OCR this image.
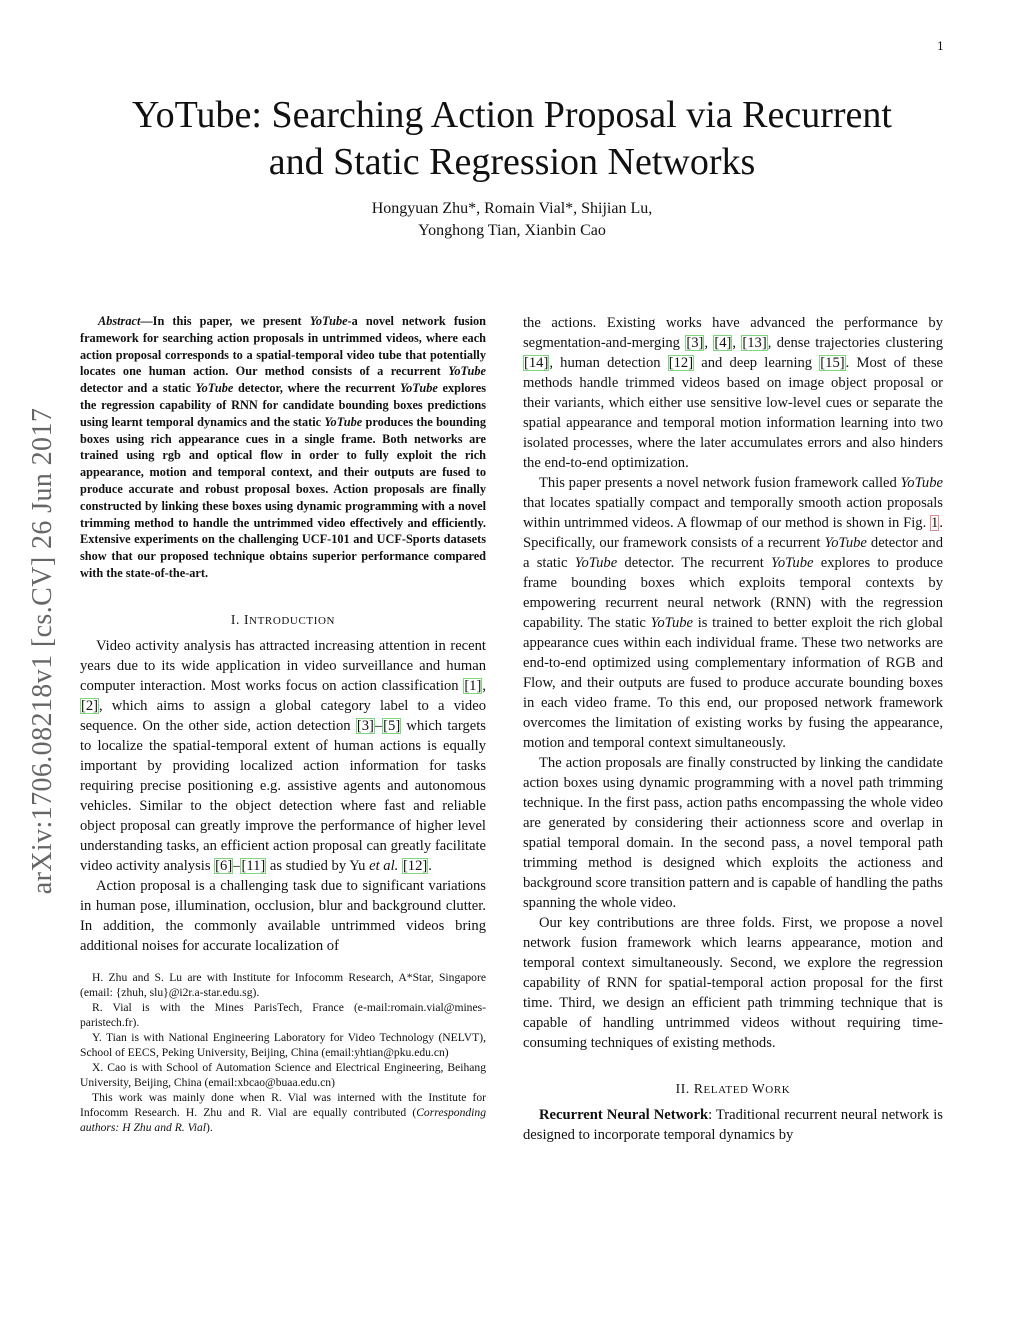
1
arXiv:1706.08218v1 [cs.CV] 26 Jun 2017
YoTube: Searching Action Proposal via Recurrent
and Static Regression Networks
Hongyuan Zhu*, Romain Vial*, Shijian Lu,
Yonghong Tian, Xianbin Cao

Abstract—In this paper, we present YoTube-a novel network fusion framework for searching action proposals in untrimmed videos, where each action proposal corresponds to a spatial-temporal video tube that potentially locates one human action. Our method consists of a recurrent YoTube detector and a static YoTube detector, where the recurrent YoTube explores the regression capability of RNN for candidate bounding boxes predictions using learnt temporal dynamics and the static YoTube produces the bounding boxes using rich appearance cues in a single frame. Both networks are trained using rgb and optical flow in order to fully exploit the rich appearance, motion and temporal context, and their outputs are fused to produce accurate and robust proposal boxes. Action proposals are finally constructed by linking these boxes using dynamic programming with a novel trimming method to handle the untrimmed video effectively and efficiently. Extensive experiments on the challenging UCF-101 and UCF-Sports datasets show that our proposed technique obtains superior performance compared with the state-of-the-art.

I. INTRODUCTION

Video activity analysis has attracted increasing attention in recent years due to its wide application in video surveillance and human computer interaction. Most works focus on action classification [1], [2], which aims to assign a global category label to a video sequence. On the other side, action detection [3]–[5] which targets to localize the spatial-temporal extent of human actions is equally important by providing localized action information for tasks requiring precise positioning e.g. assistive agents and autonomous vehicles. Similar to the object detection where fast and reliable object proposal can greatly improve the performance of higher level understanding tasks, an efficient action proposal can greatly facilitate video activity analysis [6]–[11] as studied by Yu et al. [12].

Action proposal is a challenging task due to significant variations in human pose, illumination, occlusion, blur and background clutter. In addition, the commonly available untrimmed videos bring additional noises for accurate localization of

H. Zhu and S. Lu are with Institute for Infocomm Research, A*Star, Singapore (email: {zhuh, slu}@i2r.a-star.edu.sg).

R. Vial is with the Mines ParisTech, France (e-mail:romain.vial@mines-paristech.fr).

Y. Tian is with National Engineering Laboratory for Video Technology (NELVT), School of EECS, Peking University, Beijing, China (email:yhtian@pku.edu.cn)

X. Cao is with School of Automation Science and Electrical Engineering, Beihang University, Beijing, China (email:xbcao@buaa.edu.cn)

This work was mainly done when R. Vial was interned with the Institute for Infocomm Research. H. Zhu and R. Vial are equally contributed (Corresponding authors: H Zhu and R. Vial).

the actions. Existing works have advanced the performance by segmentation-and-merging [3], [4], [13], dense trajectories clustering [14], human detection [12] and deep learning [15]. Most of these methods handle trimmed videos based on image object proposal or their variants, which either use sensitive low-level cues or separate the spatial appearance and temporal motion information learning into two isolated processes, where the later accumulates errors and also hinders the end-to-end optimization.

This paper presents a novel network fusion framework called YoTube that locates spatially compact and temporally smooth action proposals within untrimmed videos. A flowmap of our method is shown in Fig. 1. Specifically, our framework consists of a recurrent YoTube detector and a static YoTube detector. The recurrent YoTube explores to produce frame bounding boxes which exploits temporal contexts by empowering recurrent neural network (RNN) with the regression capability. The static YoTube is trained to better exploit the rich global appearance cues within each individual frame. These two networks are end-to-end optimized using complementary information of RGB and Flow, and their outputs are fused to produce accurate bounding boxes in each video frame. To this end, our proposed network framework overcomes the limitation of existing works by fusing the appearance, motion and temporal context simultaneously.

The action proposals are finally constructed by linking the candidate action boxes using dynamic programming with a novel path trimming technique. In the first pass, action paths encompassing the whole video are generated by considering their actionness score and overlap in spatial temporal domain. In the second pass, a novel temporal path trimming method is designed which exploits the actioness and background score transition pattern and is capable of handling the paths spanning the whole video.

Our key contributions are three folds. First, we propose a novel network fusion framework which learns appearance, motion and temporal context simultaneously. Second, we explore the regression capability of RNN for spatial-temporal action proposal for the first time. Third, we design an efficient path trimming technique that is capable of handling untrimmed videos without requiring time-consuming techniques of existing methods.

II. RELATED WORK

Recurrent Neural Network: Traditional recurrent neural network is designed to incorporate temporal dynamics by
